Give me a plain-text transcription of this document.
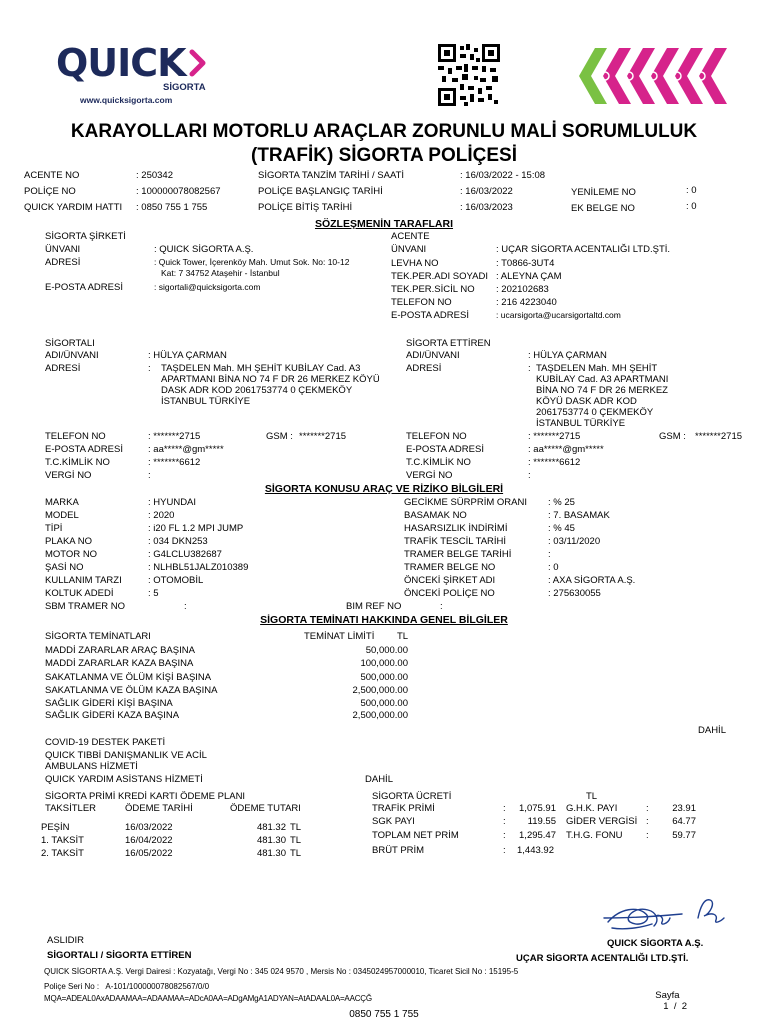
QUICK
SİGORTA
www.quicksigorta.com
KARAYOLLARI MOTORLU ARAÇLAR ZORUNLU MALİ SORUMLULUK
(TRAFİK) SİGORTA POLİÇESİ
ACENTE NO	: 250342
POLİÇE NO	: 100000078082567
QUICK YARDIM HATTI : 0850 755 1 755
SİGORTA TANZİM TARİHİ / SAATİ	: 16/03/2022 - 15:08
POLİÇE BAŞLANGIÇ TARİHİ	: 16/03/2022
POLİÇE BİTİŞ TARİHİ	: 16/03/2023
YENİLEME NO	: 0
EK BELGE NO	: 0
SÖZLEŞMENİN TARAFLARI
SİGORTA ŞİRKETİ
ÜNVANI	: QUICK SİGORTA A.Ş.
ADRESİ	: Quick Tower, İçerenköy Mah. Umut Sok. No: 10-12
Kat: 7 34752 Ataşehir - İstanbul
E-POSTA ADRESİ	: sigortali@quicksigorta.com
ACENTE
ÜNVANI	: UÇAR SİGORTA ACENTALIĞI LTD.ŞTİ.
LEVHA NO	: T0866-3UT4
TEK.PER.ADI SOYADI : ALEYNA ÇAM
TEK.PER.SİCİL NO : 202102683
TELEFON NO	: 216 4223040
E-POSTA ADRESİ	: ucarsigorta@ucarsigortaltd.com
SİGORTALI
ADI/ÜNVANI	: HÜLYA ÇARMAN
ADRESİ	: TAŞDELEN Mah. MH ŞEHİT KUBİLAY Cad. A3
APARTMANI BİNA NO 74 F DR 26 MERKEZ KÖYÜ
DASK ADR KOD 2061753774 0 ÇEKMEKÖY
İSTANBUL TÜRKİYE
TELEFON NO	: *******2715	GSM : *******2715
E-POSTA ADRESİ	: aa*****@gm*****
T.C.KİMLİK NO	: *******6612
VERGİ NO	:
SİGORTA ETTİREN
ADI/ÜNVANI	: HÜLYA ÇARMAN
ADRESİ	: TAŞDELEN Mah. MH ŞEHİT
KUBİLAY Cad. A3 APARTMANI
BİNA NO 74 F DR 26 MERKEZ
KÖYÜ DASK ADR KOD
2061753774 0 ÇEKMEKÖY
İSTANBUL TÜRKİYE
TELEFON NO	: *******2715	GSM : *******2715
E-POSTA ADRESİ	: aa*****@gm*****
T.C.KİMLİK NO	: *******6612
VERGİ NO	:
SİGORTA KONUSU ARAÇ VE RİZİKO BİLGİLERİ
MARKA	: HYUNDAI
MODEL	: 2020
TİPİ	: i20 FL 1.2 MPI JUMP
PLAKA NO	: 034 DKN253
MOTOR NO	: G4LCLU382687
ŞASİ NO	: NLHBL51JALZ010389
KULLANIM TARZI	: OTOMOBİL
KOLTUK ADEDİ	: 5
GECİKME SÜRPRİM ORANI : % 25
BASAMAK NO	: 7. BASAMAK
HASARSIZLIK İNDİRİMİ	: % 45
TRAFİK TESCİL TARİHİ	: 03/11/2020
TRAMER BELGE TARİHİ	:
TRAMER BELGE NO	: 0
ÖNCEKİ ŞİRKET ADI	: AXA SİGORTA A.Ş.
ÖNCEKİ POLİÇE NO	: 275630055
SBM TRAMER NO	:	BIM REF NO	:
SİGORTA TEMİNATI HAKKINDA GENEL BİLGİLER
SİGORTA TEMİNATLARI	TEMİNAT LİMİTİ TL
MADDİ ZARARLAR ARAÇ BAŞINA	50,000.00
MADDİ ZARARLAR KAZA BAŞINA	100,000.00
SAKATLANMA VE ÖLÜM KİŞİ BAŞINA	500,000.00
SAKATLANMA VE ÖLÜM KAZA BAŞINA	2,500,000.00
SAĞLIK GİDERİ KİŞİ BAŞINA	500,000.00
SAĞLIK GİDERİ KAZA BAŞINA	2,500,000.00
DAHİL
COVID-19 DESTEK PAKETİ
QUICK TIBBİ DANIŞMANLIK VE ACİL
AMBULANS HİZMETİ
QUICK YARDIM ASİSTANS HİZMETİ	DAHİL
SİGORTA PRİMİ KREDİ KARTI ÖDEME PLANI
TAKSİTLER	ÖDEME TARİHİ	ÖDEME TUTARI
PEŞİN	16/03/2022	481.32 TL
1. TAKSİT	16/04/2022	481.30 TL
2. TAKSİT	16/05/2022	481.30 TL
SİGORTA ÜCRETİ	TL
TRAFİK PRİMİ	:	1,075.91
SGK PAYI	:	119.55
TOPLAM NET PRİM	:	1,295.47
BRÜT PRİM	: 1,443.92
G.H.K. PAYI	:	23.91
GİDER VERGİSİ :	64.77
T.H.G. FONU :	59.77
ASLIDIR
SİGORTALI / SİGORTA ETTİREN
QUICK SİGORTA A.Ş.
UÇAR SİGORTA ACENTALIĞI LTD.ŞTİ.
QUICK SİGORTA A.Ş. Vergi Dairesi : Kozyatağı, Vergi No : 345 024 9570 , Mersis No : 0345024957000010, Ticaret Sicil No : 15195-5
Poliçe Seri No :   A-101/100000078082567/0/0
MQA=ADEAL0AxADAAMAA=ADAAMAA=ADcA0AA=ADgAMgA1ADYAN=AtADAAL0A=AACÇĞ	Sayfa
1  /  2

0850 755 1 755
